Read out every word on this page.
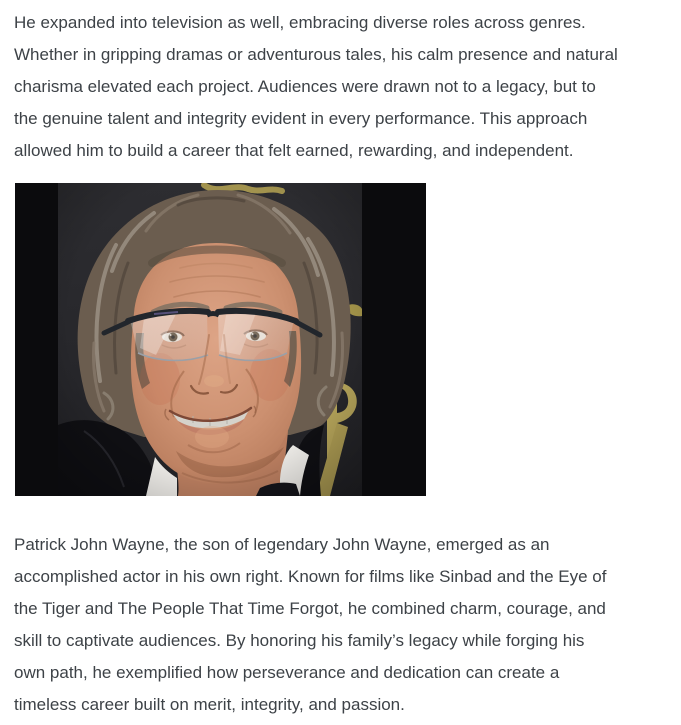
He expanded into television as well, embracing diverse roles across genres.
Whether in gripping dramas or adventurous tales, his calm presence and natural
charisma elevated each project. Audiences were drawn not to a legacy, but to
the genuine talent and integrity evident in every performance. This approach
allowed him to build a career that felt earned, rewarding, and independent.

Patrick John Wayne, the son of legendary John Wayne, emerged as an
accomplished actor in his own right. Known for films like Sinbad and the Eye of
the Tiger and The People That Time Forgot, he combined charm, courage, and
skill to captivate audiences. By honoring his family’s legacy while forging his
own path, he exemplified how perseverance and dedication can create a
timeless career built on merit, integrity, and passion.
